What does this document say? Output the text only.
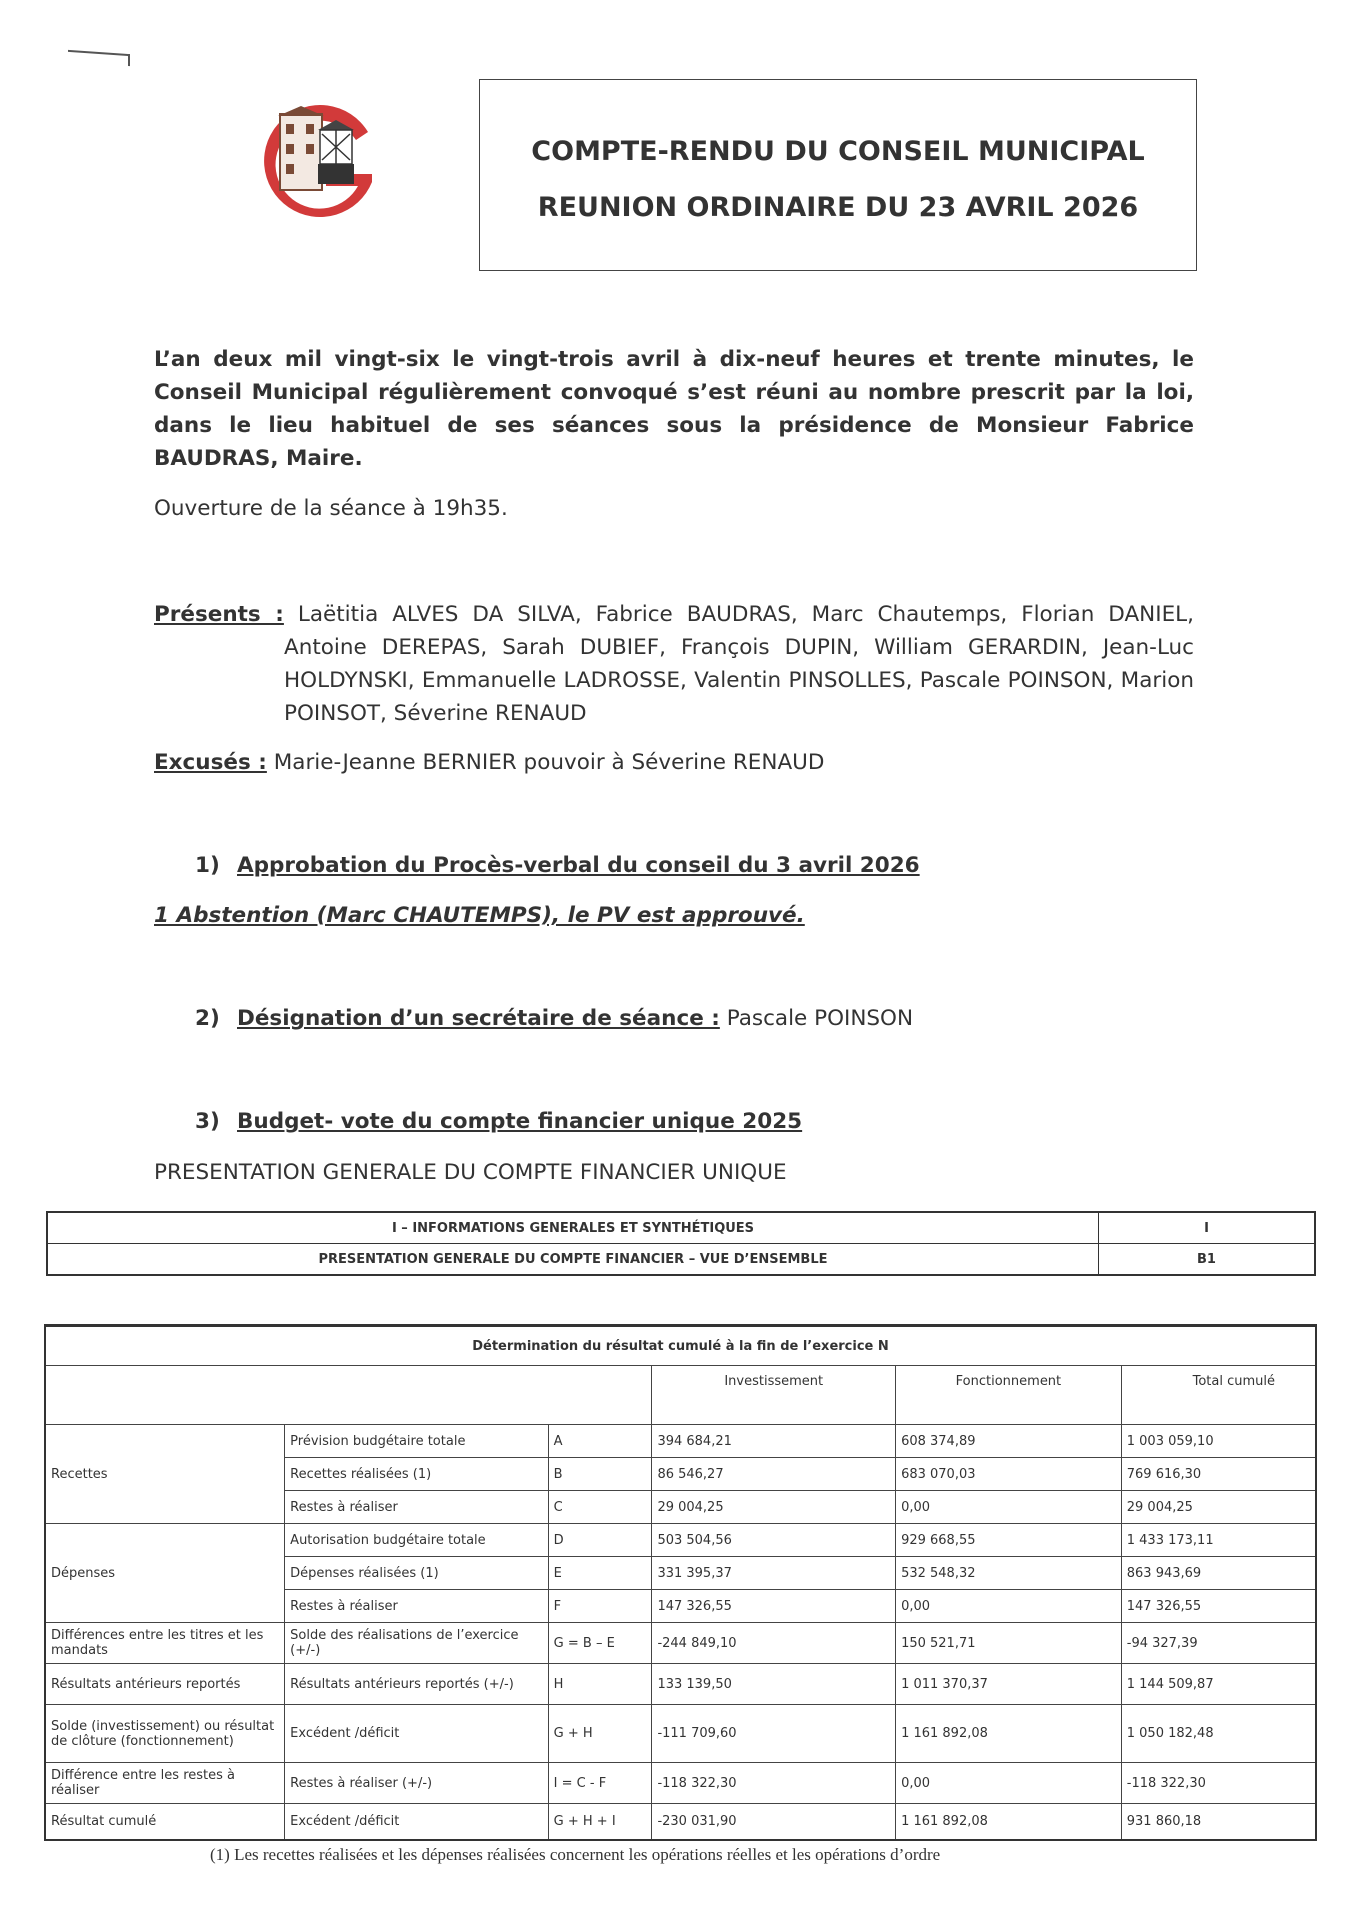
COMPTE-RENDU DU CONSEIL MUNICIPAL
REUNION ORDINAIRE DU 23 AVRIL 2026
L’an deux mil vingt-six le vingt-trois avril à dix-neuf heures et trente minutes, le Conseil Municipal régulièrement convoqué s’est réuni au nombre prescrit par la loi, dans le lieu habituel de ses séances sous la présidence de Monsieur Fabrice BAUDRAS, Maire.
Ouverture de la séance à 19h35.
Présents : Laëtitia ALVES DA SILVA, Fabrice BAUDRAS, Marc Chautemps, Florian DANIEL,
Antoine DEREPAS, Sarah DUBIEF, François DUPIN, William GERARDIN, Jean-Luc HOLDYNSKI, Emmanuelle LADROSSE, Valentin PINSOLLES, Pascale POINSON, Marion POINSOT, Séverine RENAUD
Excusés : Marie-Jeanne BERNIER pouvoir à Séverine RENAUD
1) Approbation du Procès-verbal du conseil du 3 avril 2026
1 Abstention (Marc CHAUTEMPS), le PV est approuvé.
2) Désignation d’un secrétaire de séance : Pascale POINSON
3) Budget- vote du compte financier unique 2025
PRESENTATION GENERALE DU COMPTE FINANCIER UNIQUE
I – INFORMATIONS GENERALES ET SYNTHÉTIQUES	I
PRESENTATION GENERALE DU COMPTE FINANCIER – VUE D’ENSEMBLE	B1
Détermination du résultat cumulé à la fin de l’exercice N					
			Investissement	Fonctionnement	Total cumulé
Recettes	Prévision budgétaire totale	A	394 684,21	608 374,89	1 003 059,10
	Recettes réalisées (1)	B	86 546,27	683 070,03	769 616,30
	Restes à réaliser	C	29 004,25	0,00	29 004,25
Dépenses	Autorisation budgétaire totale	D	503 504,56	929 668,55	1 433 173,11
	Dépenses réalisées (1)	E	331 395,37	532 548,32	863 943,69
	Restes à réaliser	F	147 326,55	0,00	147 326,55
Différences entre les titres et les mandats	Solde des réalisations de l’exercice (+/-)	G = B – E	-244 849,10	150 521,71	-94 327,39
Résultats antérieurs reportés	Résultats antérieurs reportés (+/-)	H	133 139,50	1 011 370,37	1 144 509,87
Solde (investissement) ou résultat de clôture (fonctionnement)	Excédent /déficit	G + H	-111 709,60	1 161 892,08	1 050 182,48
Différence entre les restes à réaliser	Restes à réaliser (+/-)	I = C - F	-118 322,30	0,00	-118 322,30
Résultat cumulé	Excédent /déficit	G + H + I	-230 031,90	1 161 892,08	931 860,18
(1) Les recettes réalisées et les dépenses réalisées concernent les opérations réelles et les opérations d’ordre
